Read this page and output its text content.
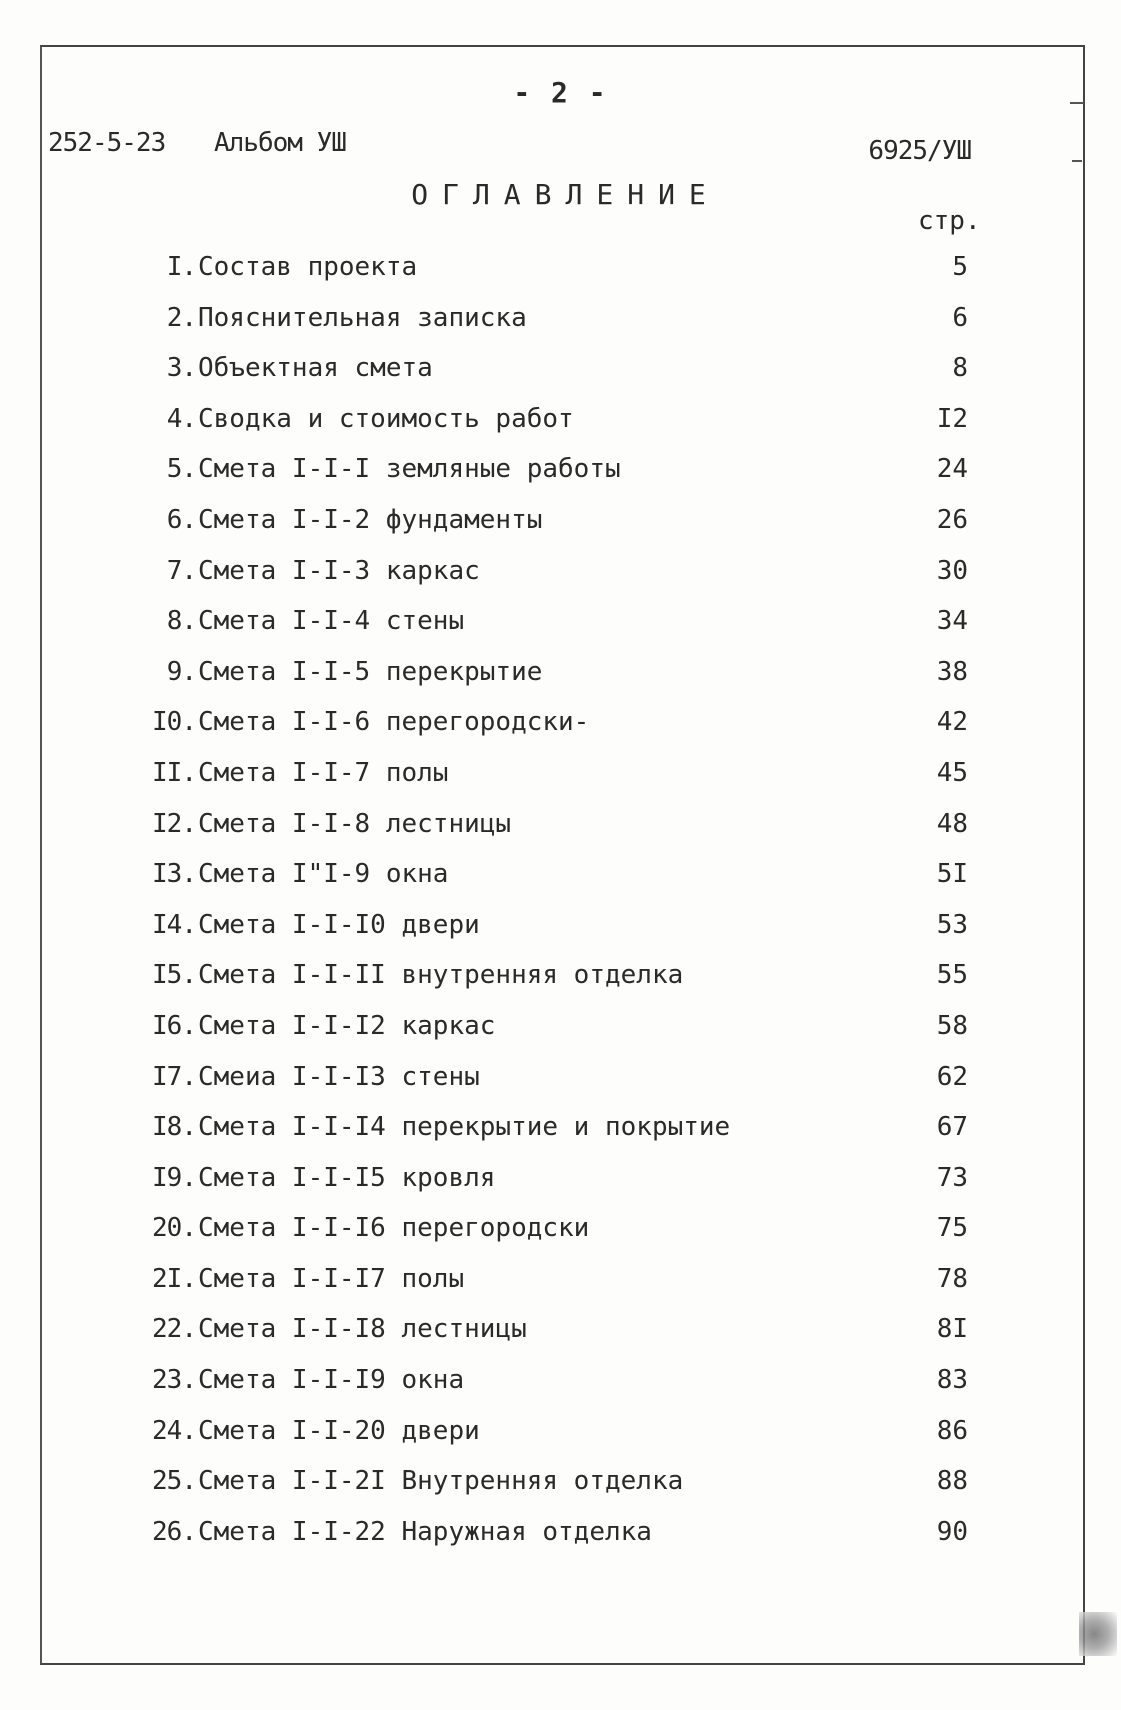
- 2 -
252-5-23 Альбом УШ	6925/УШ
ОГЛАВЛЕНИЕ
стр.
I. Состав проекта	5
2. Пояснительная записка	6
3. Объектная смета	8
4. Сводка и стоимость работ	I2
5. Смета I-I-I земляные работы	24
6. Смета I-I-2 фундаменты	26
7. Смета I-I-3 каркас	30
8. Смета I-I-4 стены	34
9. Смета I-I-5 перекрытие	38
I0. Смета I-I-6 перегородски-	42
II. Смета I-I-7 полы	45
I2. Смета I-I-8 лестницы	48
I3. Смета I"I-9 окна	5I
I4. Смета I-I-I0 двери	53
I5. Смета I-I-II внутренняя отделка	55
I6. Смета I-I-I2 каркас	58
I7. Смеиа I-I-I3 стены	62
I8. Смета I-I-I4 перекрытие и покрытие	67
I9. Смета I-I-I5 кровля	73
20. Смета I-I-I6 перегородски	75
2I. Смета I-I-I7 полы	78
22. Смета I-I-I8 лестницы	8I
23. Смета I-I-I9 окна	83
24. Смета I-I-20 двери	86
25. Смета I-I-2I Внутренняя отделка	88
26. Смета I-I-22 Наружная отделка	90
